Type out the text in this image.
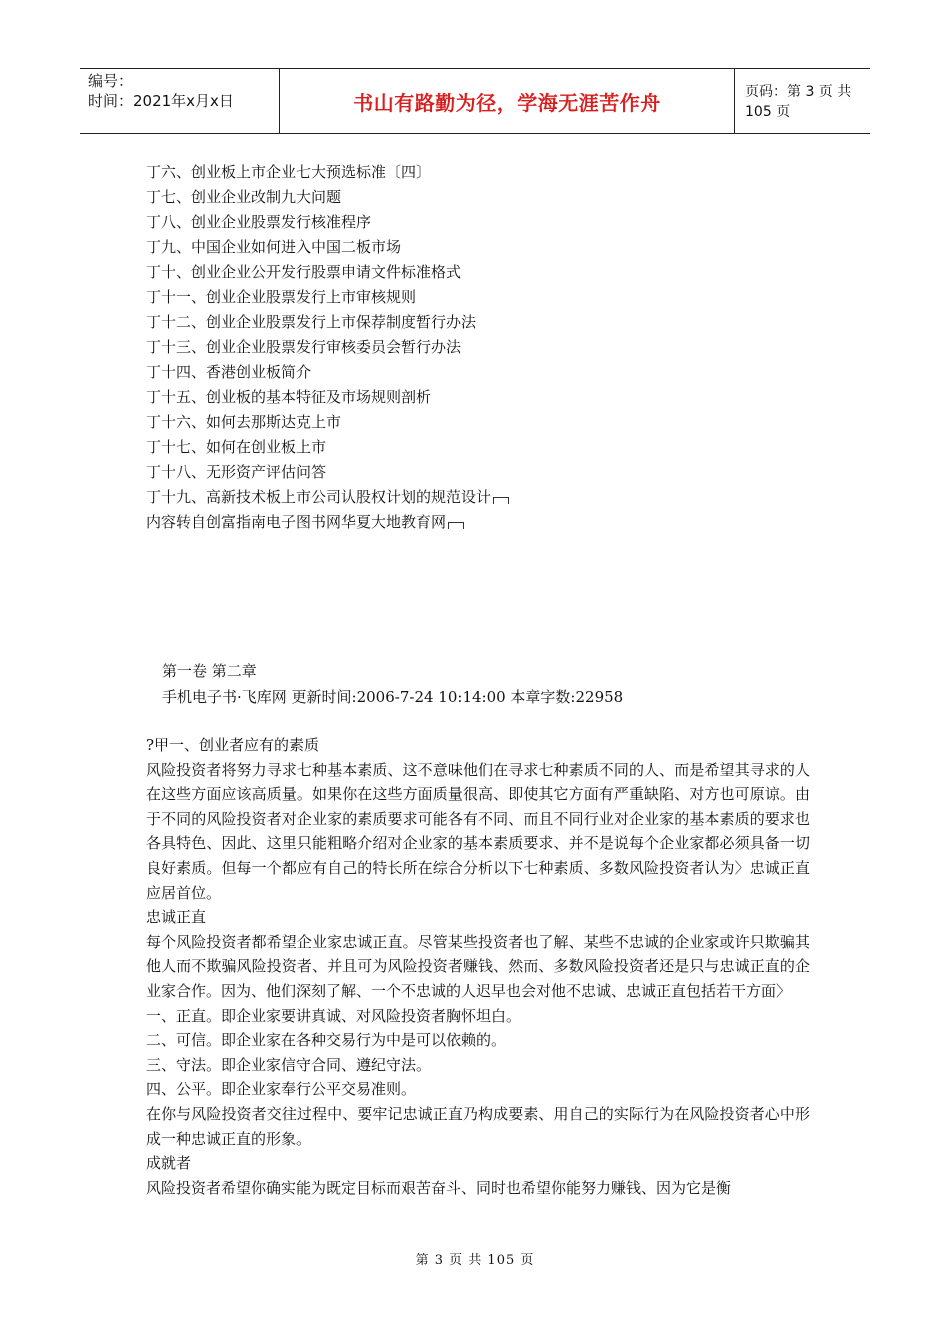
编号：
时间：2021年x月x日	书山有路勤为径，学海无涯苦作舟	页码：第 3 页 共 105 页
丁六、创业板上市企业七大预选标准〔四〕
丁七、创业企业改制九大问题
丁八、创业企业股票发行核准程序
丁九、中国企业如何进入中国二板市场
丁十、创业企业公开发行股票申请文件标准格式
丁十一、创业企业股票发行上市审核规则
丁十二、创业企业股票发行上市保荐制度暂行办法
丁十三、创业企业股票发行审核委员会暂行办法
丁十四、香港创业板简介
丁十五、创业板的基本特征及市场规则剖析
丁十六、如何去那斯达克上市
丁十七、如何在创业板上市
丁十八、无形资产评估问答
丁十九、高新技术板上市公司认股权计划的规范设计
内容转自创富指南电子图书网华夏大地教育网
第一卷 第二章
手机电子书·飞库网 更新时间:2006-7-24 10:14:00 本章字数:22958

?甲一、创业者应有的素质

风险投资者将努力寻求七种基本素质、这不意味他们在寻求七种素质不同的人、而是希望其寻求的人在这些方面应该高质量。如果你在这些方面质量很高、即使其它方面有严重缺陷、对方也可原谅。由于不同的风险投资者对企业家的素质要求可能各有不同、而且不同行业对企业家的基本素质的要求也各具特色、因此、这里只能粗略介绍对企业家的基本素质要求、并不是说每个企业家都必须具备一切良好素质。但每一个都应有自己的特长所在综合分析以下七种素质、多数风险投资者认为〉忠诚正直应居首位。

忠诚正直

每个风险投资者都希望企业家忠诚正直。尽管某些投资者也了解、某些不忠诚的企业家或许只欺骗其他人而不欺骗风险投资者、并且可为风险投资者赚钱、然而、多数风险投资者还是只与忠诚正直的企业家合作。因为、他们深刻了解、一个不忠诚的人迟早也会对他不忠诚、忠诚正直包括若干方面〉

一、正直。即企业家要讲真诚、对风险投资者胸怀坦白。

二、可信。即企业家在各种交易行为中是可以依赖的。

三、守法。即企业家信守合同、遵纪守法。

四、公平。即企业家奉行公平交易准则。

在你与风险投资者交往过程中、要牢记忠诚正直乃构成要素、用自己的实际行为在风险投资者心中形成一种忠诚正直的形象。

成就者

风险投资者希望你确实能为既定目标而艰苦奋斗、同时也希望你能努力赚钱、因为它是衡

第 3 页 共 105 页
